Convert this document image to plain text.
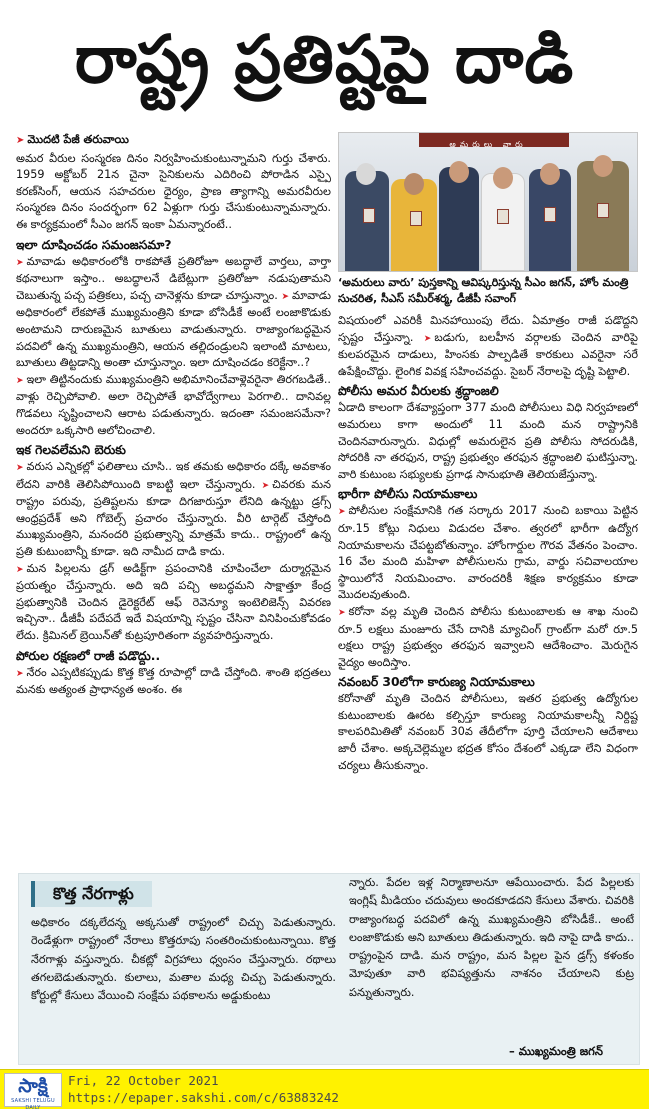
రాష్ట్ర ప్రతిష్టపై దాడి
➤ మొదటి పేజీ తరువాయి

అమర వీరుల సంస్మరణ దినం నిర్వహించుకుంటున్నామని గుర్తు చేశారు. 1959 అక్టోబర్ 21న చైనా సైనికులను ఎదిరించి పోరాడిన ఎస్పై కరణ్‌సింగ్, ఆయన సహచరుల ధైర్యం, ప్రాణ త్యాగాన్ని అమరవీరుల సంస్మరణ దినం సందర్భంగా 62 ఏళ్లుగా గుర్తు చేసుకుంటున్నామన్నారు. ఈ కార్యక్రమంలో సీఎం జగన్ ఇంకా ఏమన్నారంటే..

ఇలా దూషించడం సమంజసమా?

➤ మావాడు అధికారంలోకి రాకపోతే ప్రతిరోజూ అబద్ధాలే వార్తలు, వార్తా కథనాలుగా ఇస్తాం.. అబద్ధాలనే డిబేట్లుగా ప్రతిరోజూ నడుపుతామని చెబుతున్న పచ్చ పత్రికలు, పచ్చ చానెళ్లను కూడా చూస్తున్నాం. ➤ మావాడు అధికారంలో లేకపోతే ముఖ్యమంత్రిని కూడా బోసిడీకే అంటే లంజాకొడుకు అంటామని దారుణమైన బూతులు వాడుతున్నారు. రాజ్యాంగబద్ధమైన పదవిలో ఉన్న ముఖ్యమంత్రిని, ఆయన తల్లిదండ్రులని ఇలాంటి మాటలు, బూతులు తిట్టడాన్ని అంతా చూస్తున్నాం. ఇలా దూషించడం కరెక్టేనా..?

➤ ఇలా తిట్టినందుకు ముఖ్యమంత్రిని అభిమానించేవాళ్లెవరైనా తిరగబడితే.. వాళ్లు రెచ్చిపోవాలి. అలా రెచ్చిపోతే భావోద్వేగాలు పెరగాలి.. దానివల్ల గొడవలు సృష్టించాలని ఆరాట పడుతున్నారు. ఇదంతా సమంజసమేనా? అందరూ ఒక్కసారి ఆలోచించాలి.

ఇక గెలవలేమని బెరుకు

➤ వరుస ఎన్నికల్లో ఫలితాలు చూసి.. ఇక తమకు అధికారం దక్కే అవకాశం లేదని వారికి తెలిసిపోయింది కాబట్టి ఇలా చేస్తున్నారు. ➤ చివరకు మన రాష్ట్రం పరువు, ప్రతిష్టలను కూడా దిగజారుస్తూ లేనిది ఉన్నట్టు డ్రగ్స్ ఆంధ్రప్రదేశ్ అని గోబెల్స్ ప్రచారం చేస్తున్నారు. వీరి టార్గెట్ చేస్తోంది ముఖ్యమంత్రిని, మనందరి ప్రభుత్వాన్ని మాత్రమే కాదు.. రాష్ట్రంలో ఉన్న ప్రతి కుటుంబాన్నీ కూడా. ఇది నామీద దాడి కాదు.

➤ మన పిల్లలను డ్రగ్ అడిక్ట్‌గా ప్రపంచానికి చూపించేలా దుర్మార్గమైన ప్రయత్నం చేస్తున్నారు. అది ఇది పచ్చి అబద్ధమని సాక్షాత్తూ కేంద్ర ప్రభుత్వానికి చెందిన డైరెక్టరేట్ ఆఫ్ రెవెన్యూ ఇంటెలిజెన్స్ వివరణ ఇచ్చినా.. డీజీపీ పదేపదే ఇదే విషయాన్ని స్పష్టం చేసినా వినిపించుకోవడం లేదు. క్రిమినల్ బ్రెయిన్‌తో కుట్రపూరితంగా వ్యవహరిస్తున్నారు.

పోరుల రక్షణలో రాజీ పడొద్దు..

➤ నేరం ఎప్పటికప్పుడు కొత్త కొత్త రూపాల్లో దాడి చేస్తోంది. శాంతి భద్రతలు మనకు అత్యంత ప్రాధాన్యత అంశం. ఈ

అమరులు వారు
‘అమరులు వారు’ పుస్తకాన్ని ఆవిష్కరిస్తున్న సీఎం జగన్, హోం మంత్రి సుచరిత, సీఎస్ సమీర్‌శర్మ, డీజీపీ సవాంగ్

విషయంలో ఎవరికీ మినహాయింపు లేదు. ఏమాత్రం రాజీ పడొద్దని స్పష్టం చేస్తున్నా. ➤ బడుగు, బలహీన వర్గాలకు చెందిన వారిపై కులపరమైన దాడులు, హింసకు పాల్పడితే కారకులు ఎవరైనా సరే ఉపేక్షించొద్దు. లైంగిక వివక్ష సహించవద్దు. సైబర్ నేరాలపై దృష్టి పెట్టాలి.

పోలీసు అమర వీరులకు శ్రద్ధాంజలి

ఏడాది కాలంగా దేశవ్యాప్తంగా 377 మంది పోలీసులు విధి నిర్వహణలో అమరులు కాగా అందులో 11 మంది మన రాష్ట్రానికి చెందినవారున్నారు. విధుల్లో అమరులైన ప్రతి పోలీసు సోదరుడికి, సోదరికి నా తరఫున, రాష్ట్ర ప్రభుత్వం తరఫున శ్రద్ధాంజలి ఘటిస్తున్నా. వారి కుటుంబ సభ్యులకు ప్రగాఢ సానుభూతి తెలియజేస్తున్నా.

భారీగా పోలీసు నియామకాలు

➤ పోలీసుల సంక్షేమానికి గత సర్కారు 2017 నుంచి బకాయి పెట్టిన రూ.15 కోట్లు నిధులు విడుదల చేశాం. త్వరలో భారీగా ఉద్యోగ నియామకాలను చేపట్టబోతున్నాం. హోంగార్డుల గౌరవ వేతనం పెంచాం. 16 వేల మంది మహిళా పోలీసులను గ్రామ, వార్డు సచివాలయాల స్థాయిలోనే నియమించాం. వారందరికీ శిక్షణ కార్యక్రమం కూడా మొదలవుతుంది.

➤ కరోనా వల్ల మృతి చెందిన పోలీసు కుటుంబాలకు ఆ శాఖ నుంచి రూ.5 లక్షలు మంజూరు చేసే దానికి మ్యాచింగ్ గ్రాంట్‌గా మరో రూ.5 లక్షలు రాష్ట్ర ప్రభుత్వం తరఫున ఇవ్వాలని ఆదేశించాం. మెరుగైన వైద్యం అందిస్తాం.

నవంబర్ 30లోగా కారుణ్య నియామకాలు

కరోనాతో మృతి చెందిన పోలీసులు, ఇతర ప్రభుత్వ ఉద్యోగుల కుటుంబాలకు ఊరట కల్పిస్తూ కారుణ్య నియామకాలన్నీ నిర్దిష్ట కాలపరిమితితో నవంబర్ 30వ తేదీలోగా పూర్తి చేయాలని ఆదేశాలు జారీ చేశాం. అక్కచెల్లెమ్మల భద్రత కోసం దేశంలో ఎక్కడా లేని విధంగా చర్యలు తీసుకున్నాం.

కొత్త నేరగాళ్లు
అధికారం దక్కలేదన్న అక్కసుతో రాష్ట్రంలో చిచ్చు పెడుతున్నారు. రెండేళ్లుగా రాష్ట్రంలో నేరాలు కొత్తరూపు సంతరించుకుంటున్నాయి. కొత్త నేరగాళ్లు వస్తున్నారు. చీకట్లో విగ్రహాలు ధ్వంసం చేస్తున్నారు. రథాలు తగలబెడుతున్నారు. కులాలు, మతాల మధ్య చిచ్చు పెడుతున్నారు. కోర్టుల్లో కేసులు వేయించి సంక్షేమ పథకాలను అడ్డుకుంటు
న్నారు. పేదల ఇళ్ల నిర్మాణాలనూ ఆపేయించారు. పేద పిల్లలకు ఇంగ్లిష్ మీడియం చదువులు అందకూడదని కేసులు వేశారు. చివరికి రాజ్యాంగబద్ధ పదవిలో ఉన్న ముఖ్యమంత్రిని బోసిడీకే.. అంటే లంజాకొడుకు అని బూతులు తిడుతున్నారు. ఇది నాపై దాడి కాదు.. రాష్ట్రంపైన దాడి. మన రాష్ట్రం, మన పిల్లల పైన డ్రగ్స్ కళంకం మోపుతూ వారి భవిష్యత్తును నాశనం చేయాలని కుట్ర పన్నుతున్నారు.
– ముఖ్యమంత్రి జగన్
సాక్షి
SAKSHI TELUGU DAILY
Fri, 22 October 2021
https://epaper.sakshi.com/c/63883242
